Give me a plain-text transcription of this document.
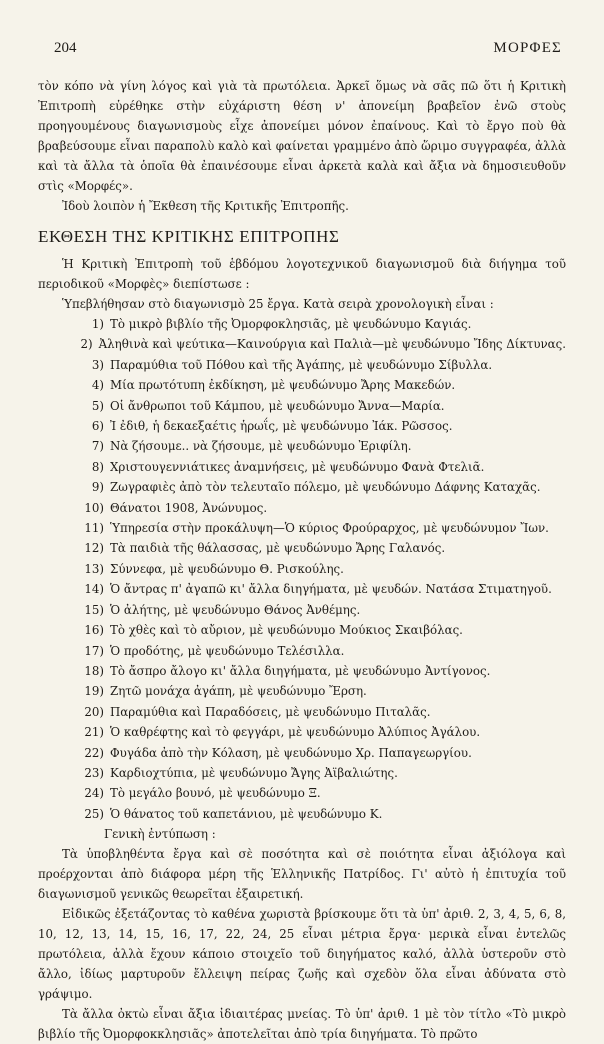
204	ΜΟΡΦΕΣ

τὸν κόπο νὰ γίνη λόγος καὶ γιὰ τὰ πρωτόλεια. Ἀρκεῖ ὅμως νὰ σᾶς πῶ ὅτι ἡ Κριτικὴ Ἐπιτροπὴ εὑρέθηκε στὴν εὐχάριστη θέση ν' ἀπονείμη βραβεῖον ἐνῶ στοὺς προηγουμένους διαγωνισμοὺς εἶχε ἀπονείμει μόνον ἐπαίνους. Καὶ τὸ ἔργο ποὺ θὰ βραβεύσουμε εἶναι παραπολὺ καλὸ καὶ φαίνεται γραμμένο ἀπὸ ὥριμο συγγραφέα, ἀλλὰ καὶ τὰ ἄλλα τὰ ὁποῖα θὰ ἐπαινέσουμε εἶναι ἀρκετὰ καλὰ καὶ ἄξια νὰ δημοσιευθοῦν στὶς «Μορφές».

Ἰδοὺ λοιπὸν ἡ Ἔκθεση τῆς Κριτικῆς Ἐπιτροπῆς.

ΕΚΘΕΣΗ ΤΗΣ ΚΡΙΤΙΚΗΣ ΕΠΙΤΡΟΠΗΣ

Ἡ Κριτικὴ Ἐπιτροπὴ τοῦ ἑβδόμου λογοτεχνικοῦ διαγωνισμοῦ διὰ διήγημα τοῦ περιοδικοῦ «Μορφὲς» διεπίστωσε :

Ὑπεβλήθησαν στὸ διαγωνισμὸ 25 ἔργα. Κατὰ σειρὰ χρονολογικὴ εἶναι :

1) Τὸ μικρὸ βιβλίο τῆς Ὀμορφοκλησιᾶς, μὲ ψευδώνυμο Καγιάς.
2) Ἀληθινὰ καὶ ψεύτικα—Καινούργια καὶ Παλιὰ—μὲ ψευδώνυμο Ἴδης Δίκτυνας.
3) Παραμύθια τοῦ Πόθου καὶ τῆς Ἀγάπης, μὲ ψευδώνυμο Σίβυλλα.
4) Μία πρωτότυπη ἐκδίκηση, μὲ ψευδώνυμο Ἄρης Μακεδών.
5) Οἱ ἄνθρωποι τοῦ Κάμπου, μὲ ψευδώνυμο Ἄννα—Μαρία.
6) Ἰ ἐδιθ, ἡ δεκαεξαέτις ἡρωΐς, μὲ ψευδώνυμο Ἰάκ. Ρῶσσος.
7) Νὰ ζήσουμε.. νὰ ζήσουμε, μὲ ψευδώνυμο Ἐριφίλη.
8) Χριστουγεννιάτικες ἀναμνήσεις, μὲ ψευδώνυμο Φανὰ Φτελιᾶ.
9) Ζωγραφιὲς ἀπὸ τὸν τελευταῖο πόλεμο, μὲ ψευδώνυμο Δάφνης Καταχᾶς.
10) Θάνατοι 1908, Ἀνώνυμος.
11) Ὑπηρεσία στὴν προκάλυψη—Ὁ κύριος Φρούραρχος, μὲ ψευδώνυμον Ἴων.
12) Τὰ παιδιὰ τῆς θάλασσας, μὲ ψευδώνυμο Ἄρης Γαλανός.
13) Σύννεφα, μὲ ψευδώνυμο Θ. Ρισκούλης.
14) Ὁ ἄντρας π' ἀγαπῶ κι' ἄλλα διηγήματα, μὲ ψευδών. Νατάσα Στιματηγοῦ.
15) Ὁ ἀλήτης, μὲ ψευδώνυμο Θάνος Ἀνθέμης.
16) Τὸ χθὲς καὶ τὸ αὔριον, μὲ ψευδώνυμο Μούκιος Σκαιβόλας.
17) Ὁ προδότης, μὲ ψευδώνυμο Τελέσιλλα.
18) Τὸ ἄσπρο ἄλογο κι' ἄλλα διηγήματα, μὲ ψευδώνυμο Ἀντίγονος.
19) Ζητῶ μονάχα ἀγάπη, μὲ ψευδώνυμο Ἔρση.
20) Παραμύθια καὶ Παραδόσεις, μὲ ψευδώνυμο Πιταλᾶς.
21) Ὁ καθρέφτης καὶ τὸ φεγγάρι, μὲ ψευδώνυμο Ἀλύπιος Ἀγάλου.
22) Φυγάδα ἀπὸ τὴν Κόλαση, μὲ ψευδώνυμο Χρ. Παπαγεωργίου.
23) Καρδιοχτύπια, μὲ ψευδώνυμο Ἄγης Ἀϊβαλιώτης.
24) Τὸ μεγάλο βουνό, μὲ ψευδώνυμο Ξ.
25) Ὁ θάνατος τοῦ καπετάνιου, μὲ ψευδώνυμο Κ.

Γενικὴ ἐντύπωση :

Τὰ ὑποβληθέντα ἔργα καὶ σὲ ποσότητα καὶ σὲ ποιότητα εἶναι ἀξιόλογα καὶ προέρχονται ἀπὸ διάφορα μέρη τῆς Ἑλληνικῆς Πατρίδος. Γι' αὐτὸ ἡ ἐπιτυχία τοῦ διαγωνισμοῦ γενικῶς θεωρεῖται ἐξαιρετική.

Εἰδικῶς ἐξετάζοντας τὸ καθένα χωριστὰ βρίσκουμε ὅτι τὰ ὑπ' ἀριθ. 2, 3, 4, 5, 6, 8, 10, 12, 13, 14, 15, 16, 17, 22, 24, 25 εἶναι μέτρια ἔργα· μερικὰ εἶναι ἐντελῶς πρωτόλεια, ἀλλὰ ἔχουν κάποιο στοιχεῖο τοῦ διηγήματος καλό, ἀλλὰ ὑστεροῦν στὸ ἄλλο, ἰδίως μαρτυροῦν ἔλλειψη πείρας ζωῆς καὶ σχεδὸν ὅλα εἶναι ἀδύνατα στὸ γράψιμο.

Τὰ ἄλλα ὀκτὼ εἶναι ἄξια ἰδιαιτέρας μνείας. Τὸ ὑπ' ἀριθ. 1 μὲ τὸν τίτλο «Τὸ μικρὸ βιβλίο τῆς Ὀμορφοκκλησιᾶς» ἀποτελεῖται ἀπὸ τρία διηγήματα. Τὸ πρῶτο
